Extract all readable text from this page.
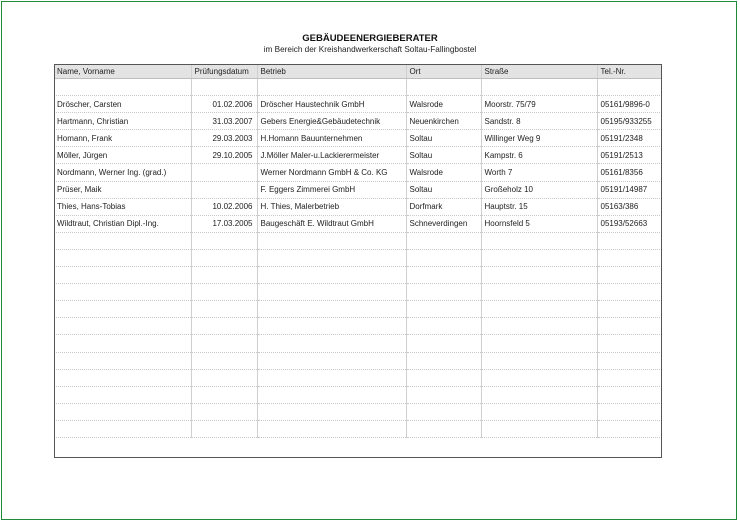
GEBÄUDEENERGIEBERATER
im Bereich der Kreishandwerkerschaft Soltau-Fallingbostel
Name, Vorname	Prüfungsdatum	Betrieb	Ort	Straße	Tel.-Nr.

Dröscher, Carsten	01.02.2006	Dröscher Haustechnik GmbH	Walsrode	Moorstr. 75/79	05161/9896-0
Hartmann, Christian	31.03.2007	Gebers Energie&Gebäudetechnik	Neuenkirchen	Sandstr. 8	05195/933255
Homann, Frank	29.03.2003	H.Homann Bauunternehmen	Soltau	Willinger Weg 9	05191/2348
Möller, Jürgen	29.10.2005	J.Möller Maler-u.Lackierermeister	Soltau	Kampstr. 6	05191/2513
Nordmann, Werner Ing. (grad.)		Werner Nordmann GmbH & Co. KG	Walsrode	Worth 7	05161/8356
Prüser, Maik		F. Eggers Zimmerei GmbH	Soltau	Großeholz 10	05191/14987
Thies, Hans-Tobias	10.02.2006	H. Thies, Malerbetrieb	Dorfmark	Hauptstr. 15	05163/386
Wildtraut, Christian Dipl.-Ing.	17.03.2005	Baugeschäft E. Wildtraut GmbH	Schneverdingen	Hoornsfeld 5	05193/52663
